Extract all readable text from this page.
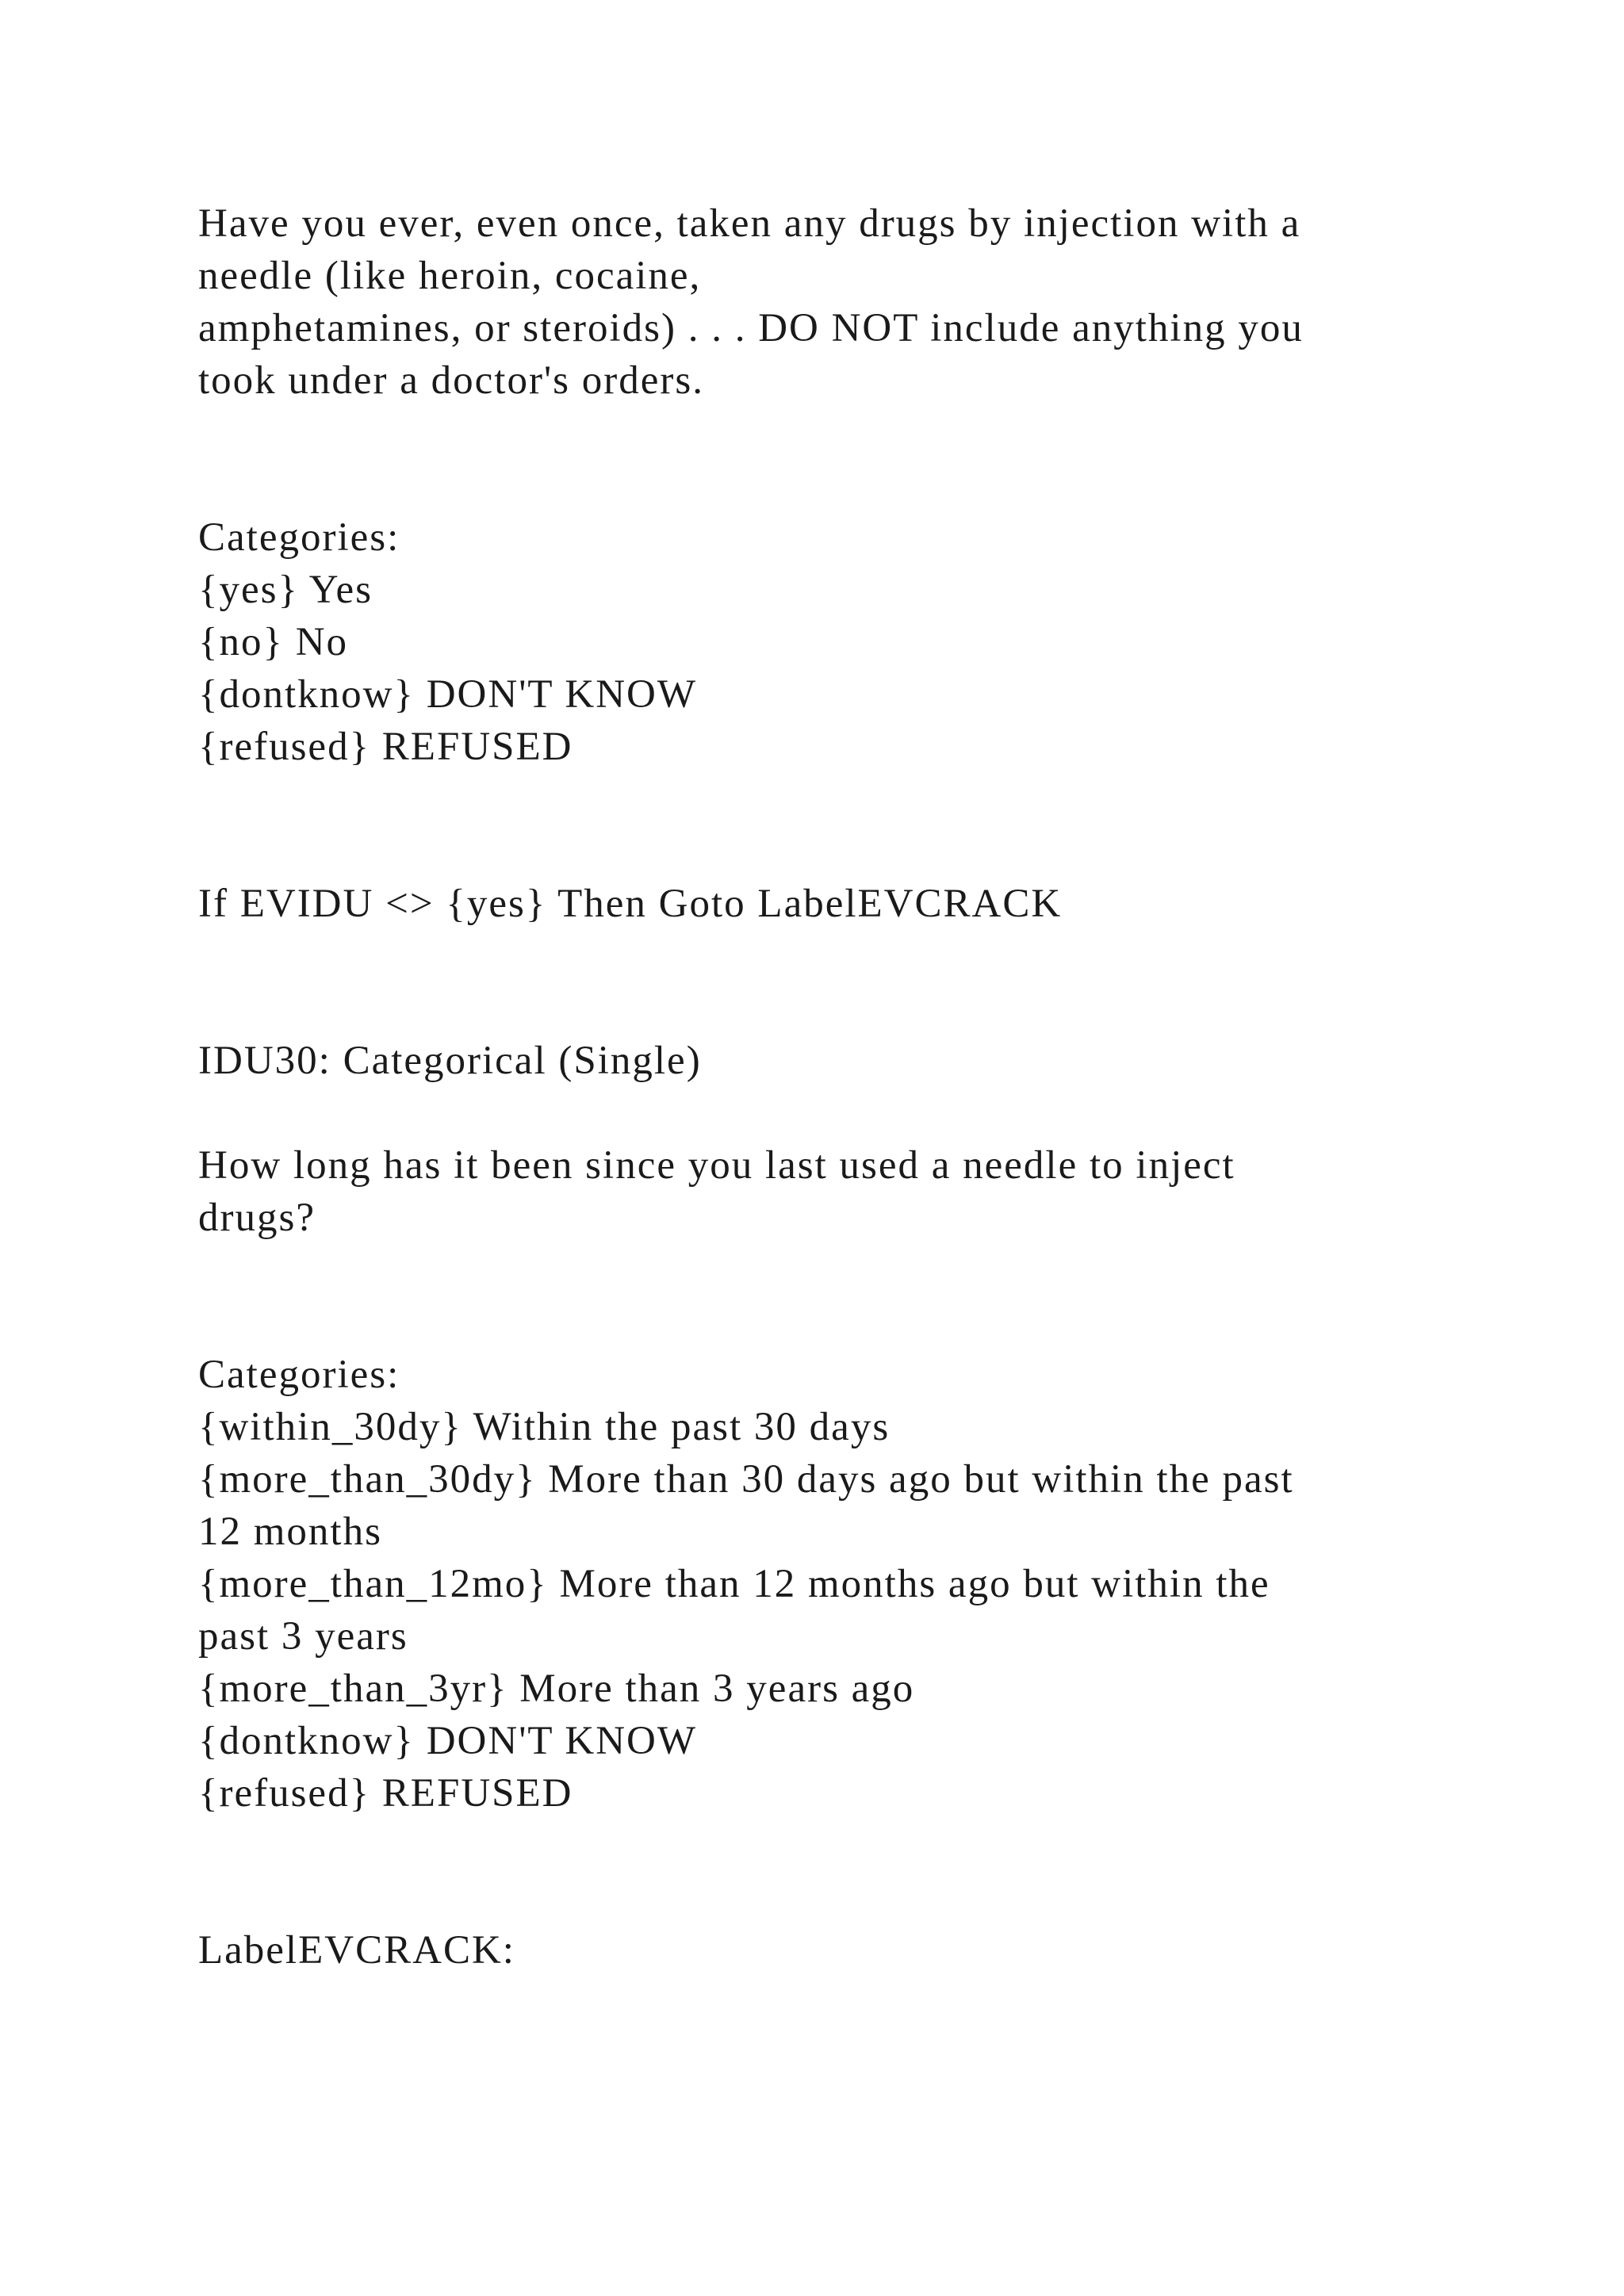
Have you ever, even once, taken any drugs by injection with a
needle (like heroin, cocaine,
amphetamines, or steroids) . . . DO NOT include anything you
took under a doctor's orders.
Categories:
{yes} Yes
{no} No
{dontknow} DON'T KNOW
{refused} REFUSED
If EVIDU <> {yes} Then Goto LabelEVCRACK
IDU30: Categorical (Single)
How long has it been since you last used a needle to inject
drugs?
Categories:
{within_30dy} Within the past 30 days
{more_than_30dy} More than 30 days ago but within the past
12 months
{more_than_12mo} More than 12 months ago but within the
past 3 years
{more_than_3yr} More than 3 years ago
{dontknow} DON'T KNOW
{refused} REFUSED
LabelEVCRACK:
